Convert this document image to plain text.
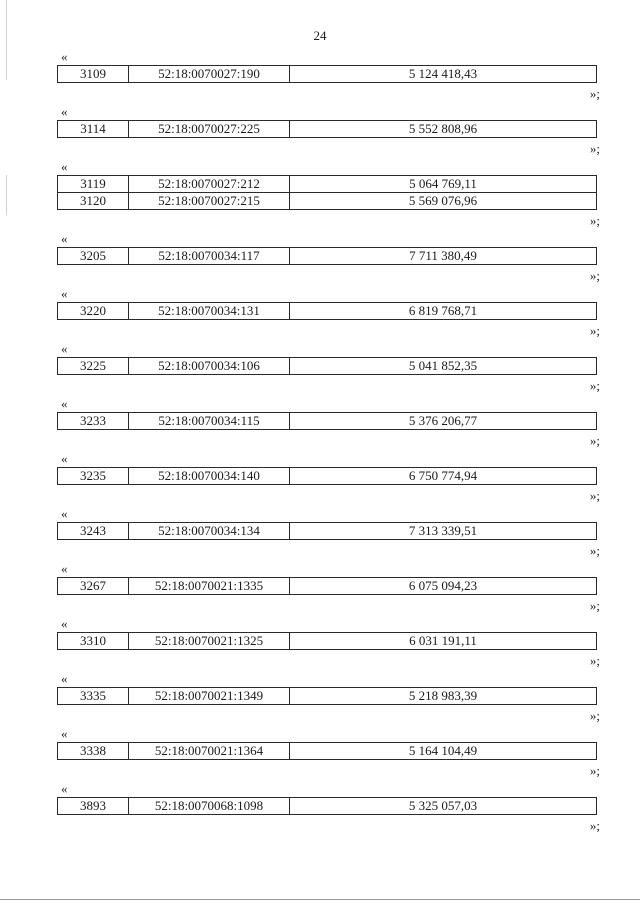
24
«
3109	52:18:0070027:190	5 124 418,43
»;
«
3114	52:18:0070027:225	5 552 808,96
»;
«
3119	52:18:0070027:212	5 064 769,11
3120	52:18:0070027:215	5 569 076,96
»;
«
3205	52:18:0070034:117	7 711 380,49
»;
«
3220	52:18:0070034:131	6 819 768,71
»;
«
3225	52:18:0070034:106	5 041 852,35
»;
«
3233	52:18:0070034:115	5 376 206,77
»;
«
3235	52:18:0070034:140	6 750 774,94
»;
«
3243	52:18:0070034:134	7 313 339,51
»;
«
3267	52:18:0070021:1335	6 075 094,23
»;
«
3310	52:18:0070021:1325	6 031 191,11
»;
«
3335	52:18:0070021:1349	5 218 983,39
»;
«
3338	52:18:0070021:1364	5 164 104,49
»;
«
3893	52:18:0070068:1098	5 325 057,03
»;
